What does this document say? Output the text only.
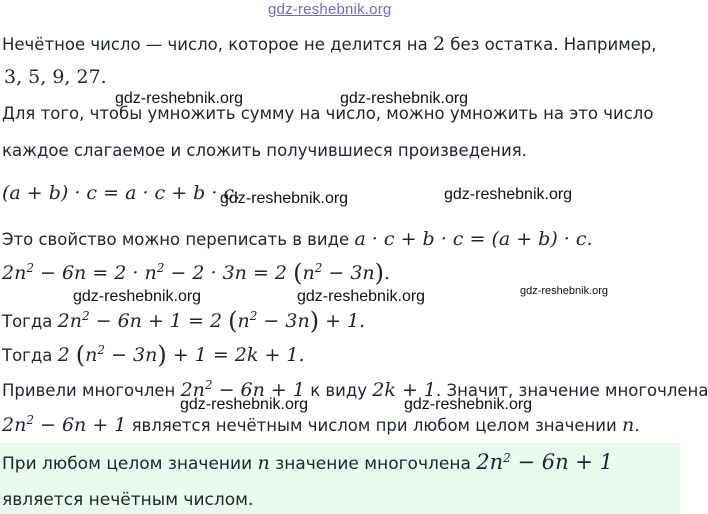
gdz-reshebnik.org
Нечётное число — число, которое не делится на 2 без остатка. Например,
3, 5, 9, 27.
Для того, чтобы умножить сумму на число, можно умножить на это число
каждое слагаемое и сложить получившиеся произведения.
(a + b) · c = a · c + b · c.
Это свойство можно переписать в виде a · c + b · c = (a + b) · c.
$2n^2 - 6n = 2 \cdot n^2 - 2 \cdot 3n = 2$ $(n^2 - 3n)$.
Тогда $2n^2 - 6n + 1 = 2$ $(n^2 - 3n) + 1$.
Тогда 2 $(n^2 - 3n) + 1 = 2k + 1$.
Привели многочлен $2n^2 - 6n + 1$ к виду 2k + 1. Значит, значение многочлена
$2n^2 - 6n + 1$ является нечётным числом при любом целом значении n.
При любом целом значении n значение многочлена $2n^2 - 6n + 1$
является нечётным числом.
gdz-reshebnik.org	gdz-reshebnik.org
gdz-reshebnik.org	gdz-reshebnik.org
gdz-reshebnik.org	gdz-reshebnik.org	gdz-reshebnik.org
gdz-reshebnik.org	gdz-reshebnik.org
